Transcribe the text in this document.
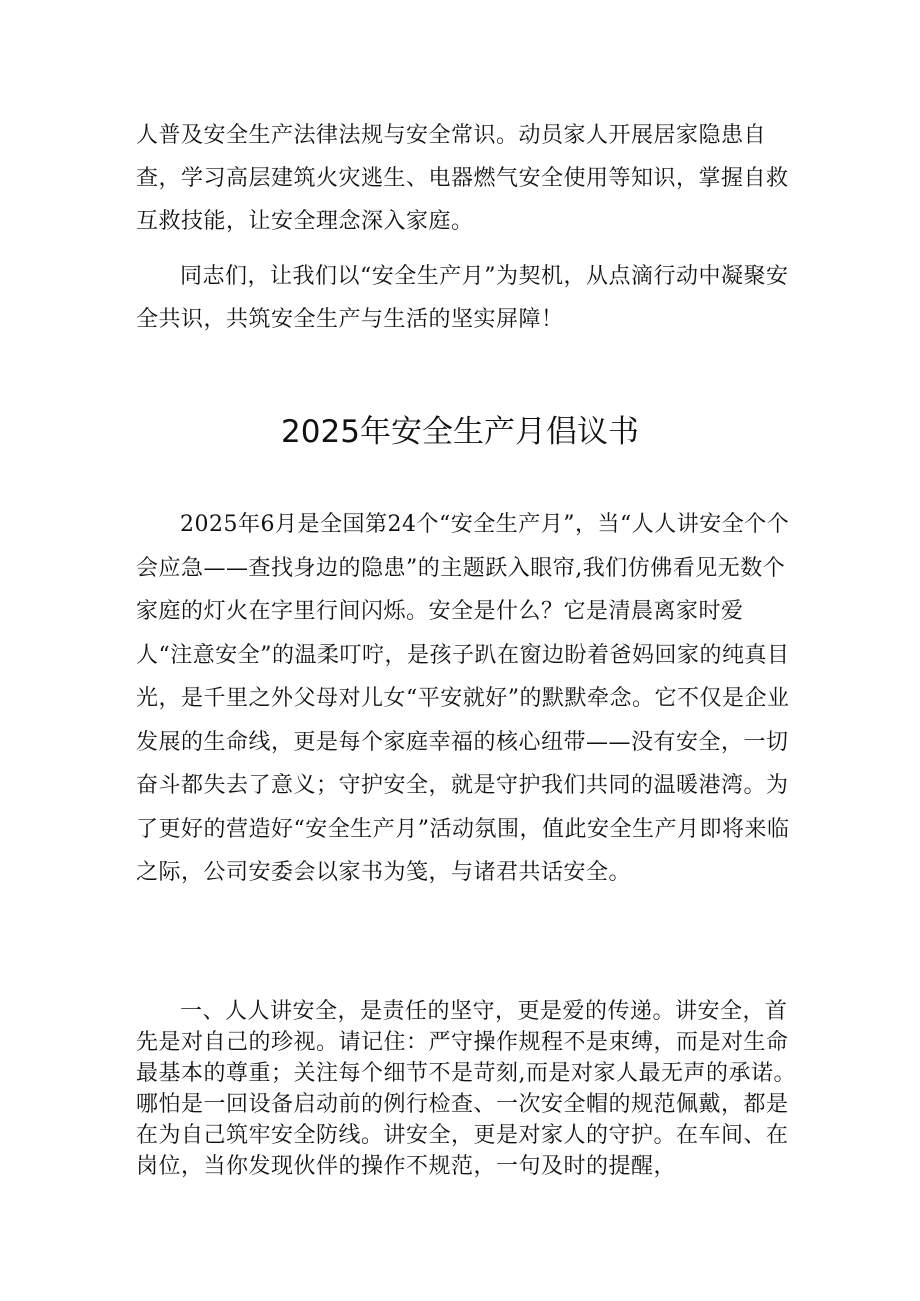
人普及安全生产法律法规与安全常识。动员家人开展居家隐患自查，学习高层建筑火灾逃生、电器燃气安全使用等知识，掌握自救互救技能，让安全理念深入家庭。

同志们，让我们以“安全生产月”为契机，从点滴行动中凝聚安全共识，共筑安全生产与生活的坚实屏障！

2025年安全生产月倡议书

2025年6月是全国第24个“安全生产月”，当“人人讲安全个个会应急——查找身边的隐患”的主题跃入眼帘,我们仿佛看见无数个家庭的灯火在字里行间闪烁。安全是什么？它是清晨离家时爱人“注意安全”的温柔叮咛，是孩子趴在窗边盼着爸妈回家的纯真目光，是千里之外父母对儿女“平安就好”的默默牵念。它不仅是企业发展的生命线，更是每个家庭幸福的核心纽带——没有安全，一切奋斗都失去了意义；守护安全，就是守护我们共同的温暖港湾。为了更好的营造好“安全生产月”活动氛围，值此安全生产月即将来临之际，公司安委会以家书为笺，与诸君共话安全。

一、人人讲安全，是责任的坚守，更是爱的传递。讲安全，首先是对自己的珍视。请记住：严守操作规程不是束缚，而是对生命最基本的尊重；关注每个细节不是苛刻,而是对家人最无声的承诺。哪怕是一回设备启动前的例行检查、一次安全帽的规范佩戴，都是在为自己筑牢安全防线。讲安全，更是对家人的守护。在车间、在岗位，当你发现伙伴的操作不规范，一句及时的提醒，
